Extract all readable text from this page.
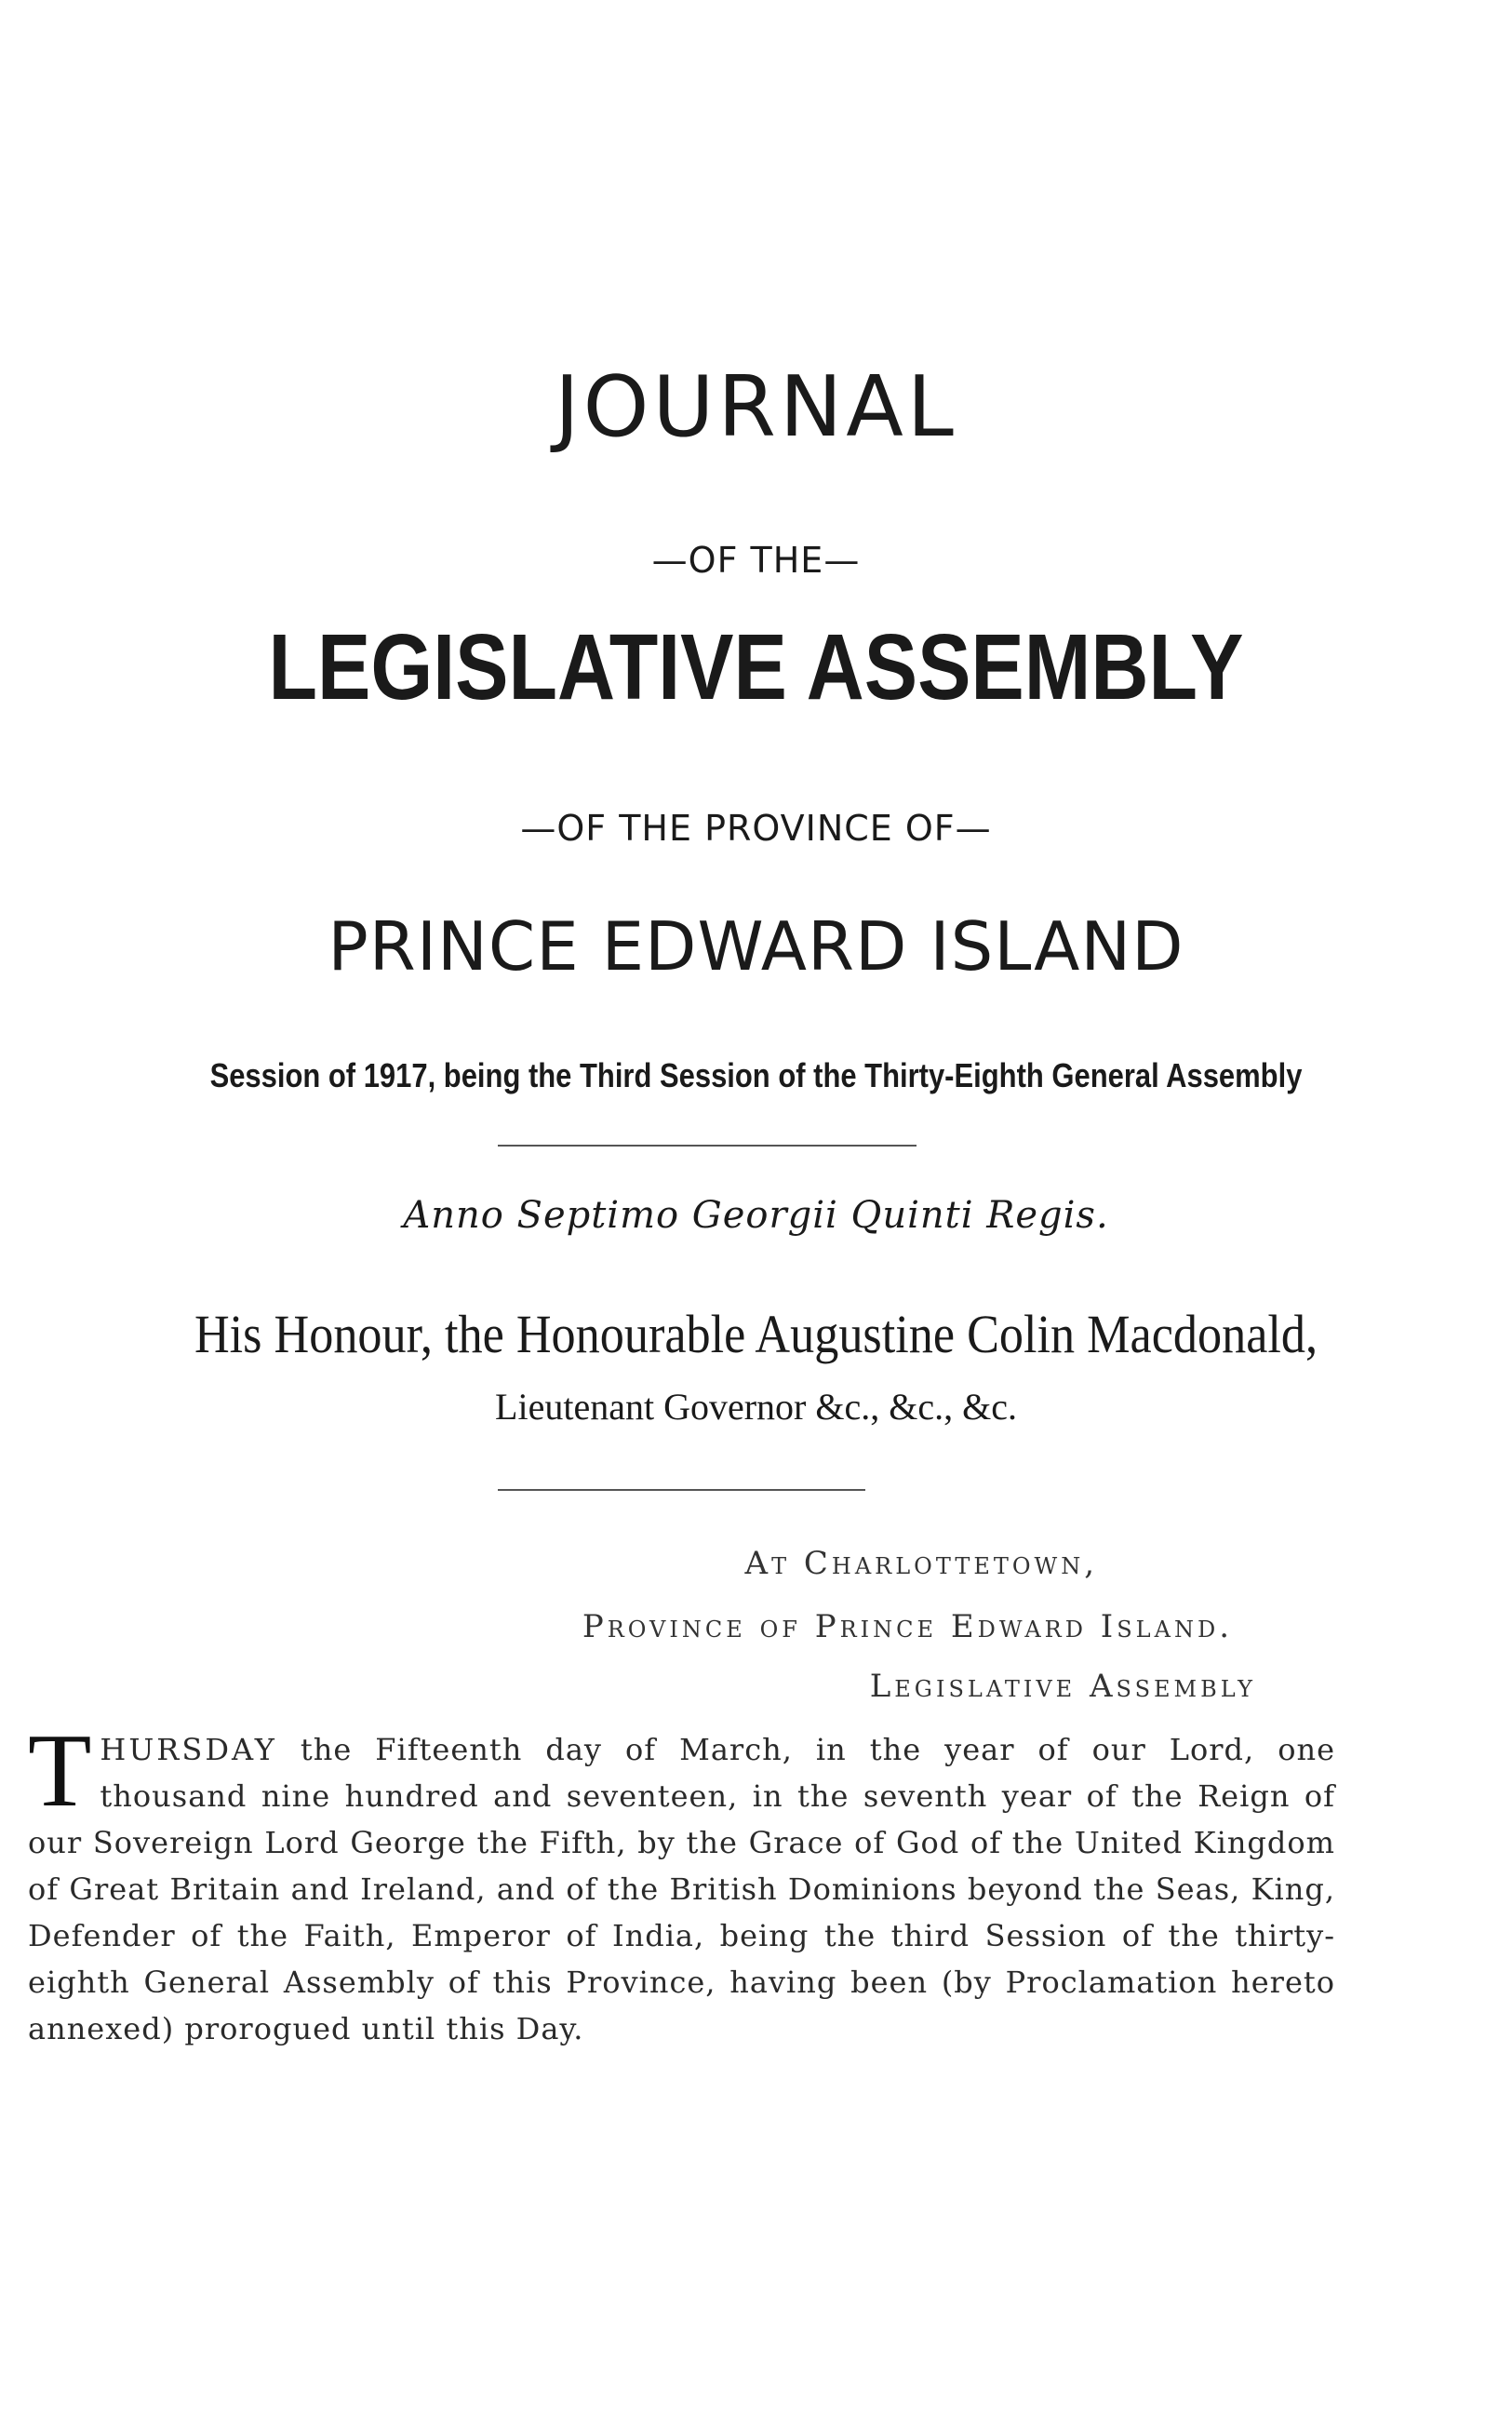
JOURNAL
—OF THE—
LEGISLATIVE ASSEMBLY
—OF THE PROVINCE OF—
PRINCE EDWARD ISLAND
Session of 1917, being the Third Session of the Thirty-Eighth General Assembly
Anno Septimo Georgii Quinti Regis.
His Honour, the Honourable Augustine Colin Macdonald,
Lieutenant Governor &c., &c., &c.
At Charlottetown,
Province of Prince Edward Island.
Legislative Assembly
THURSDAY the Fifteenth day of March, in the year of our Lord, one thousand nine hundred and seventeen, in the seventh year of the Reign of our Sovereign Lord George the Fifth, by the Grace of God of the United Kingdom of Great Britain and Ireland, and of the British Dominions beyond the Seas, King, Defender of the Faith, Emperor of India, being the third Session of the thirty-eighth General Assembly of this Province, having been (by Proclamation hereto annexed) prorogued until this Day.
